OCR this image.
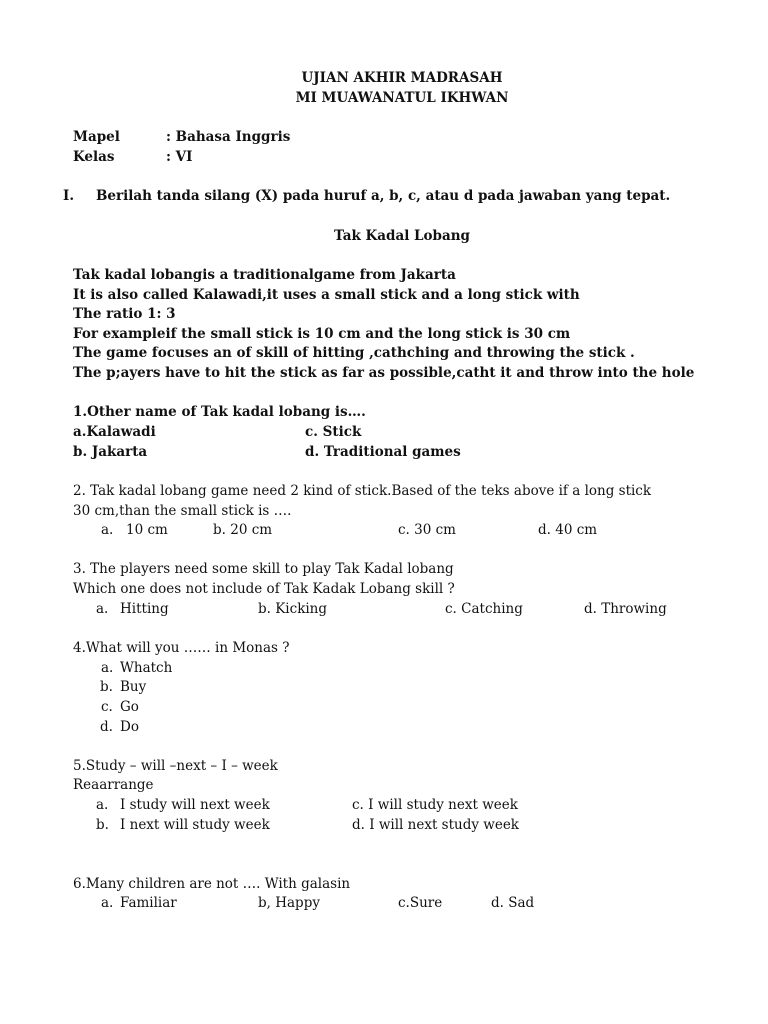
UJIAN AKHIR MADRASAH
MI MUAWANATUL IKHWAN
Mapel	: Bahasa Inggris
Kelas	: VI
I. Berilah tanda silang (X) pada huruf a, b, c, atau d pada jawaban yang tepat.
Tak Kadal Lobang
Tak kadal lobangis a traditionalgame from Jakarta
It is also called Kalawadi,it uses a small stick and a long stick with
The ratio 1: 3
For exampleif the small stick is 10 cm and the long stick is 30 cm
The game focuses an of skill of hitting ,cathching and throwing the stick .
The p;ayers have to hit the stick as far as possible,catht it and throw into the hole
1.Other name of Tak kadal lobang is….
a.Kalawadi	c. Stick
b. Jakarta	d. Traditional games
2. Tak kadal lobang game need 2 kind of stick.Based of the teks above if a long stick
30 cm,than the small stick is ….
a. 10 cm	b. 20 cm	c. 30 cm	d. 40 cm
3. The players need some skill to play Tak Kadal lobang
Which one does not include of Tak Kadak Lobang skill ?
a. Hitting	b. Kicking	c. Catching	d. Throwing
4.What will you …… in Monas ?
a. Whatch
b. Buy
c. Go
d. Do
5.Study – will –next – I – week
Reaarrange
a. I study will next week	c. I will study next week
b. I next will study week	d. I will next study week
6.Many children are not …. With galasin
a. Familiar	b, Happy	c.Sure	d. Sad
